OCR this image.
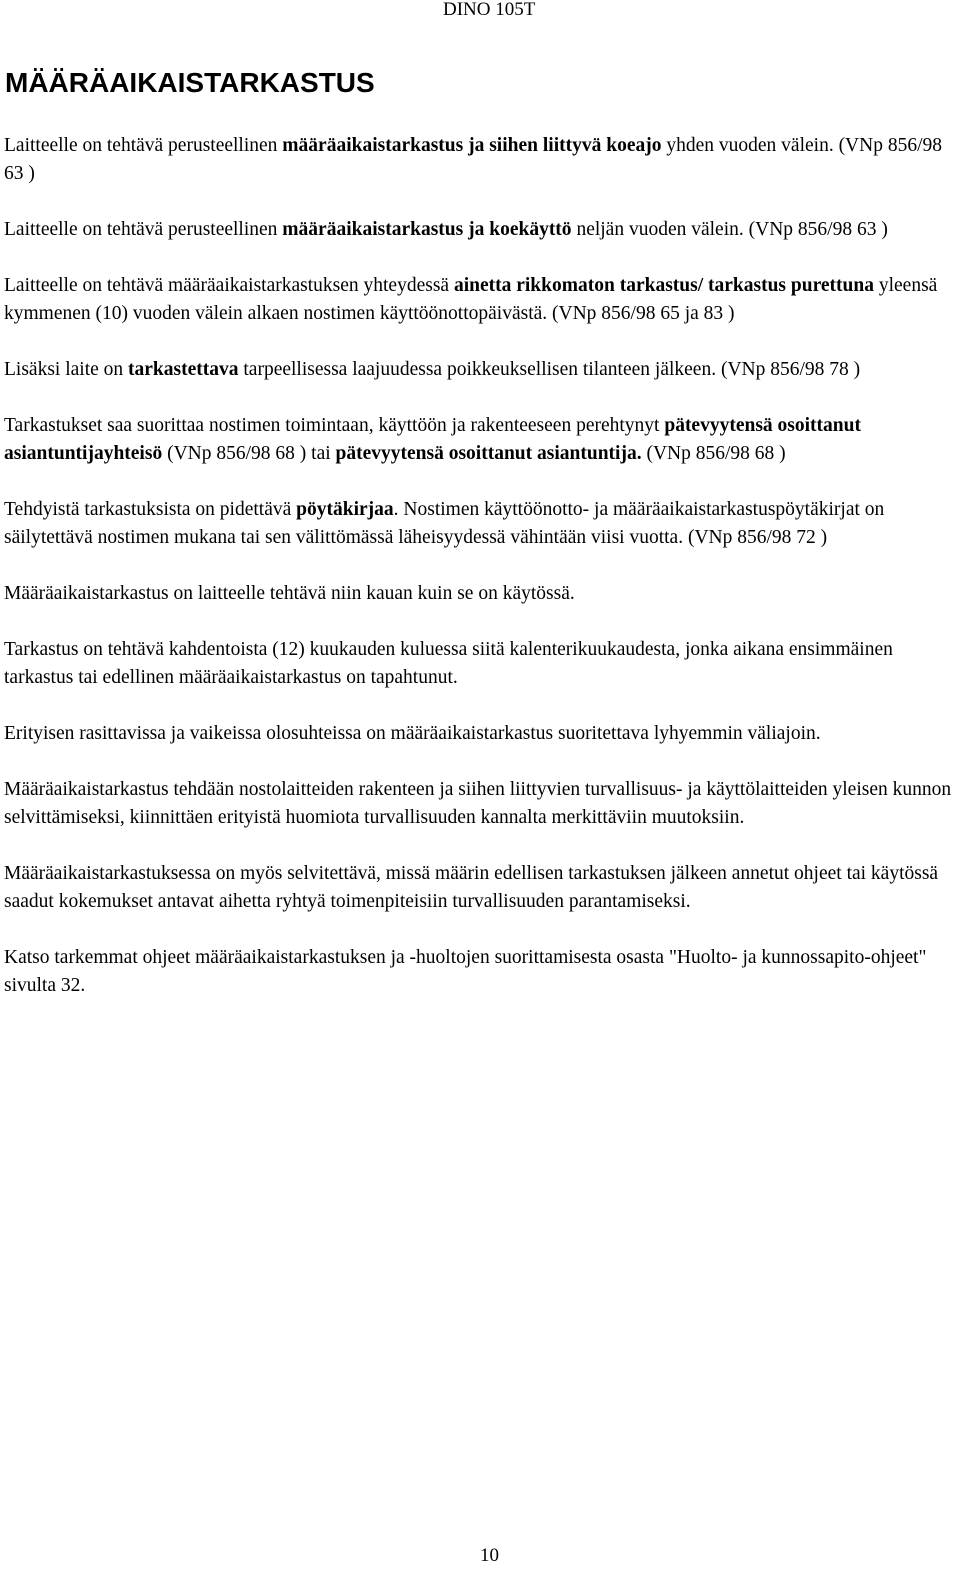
DINO 105T
MÄÄRÄAIKAISTARKASTUS

Laitteelle on tehtävä perusteellinen määräaikaistarkastus ja siihen liittyvä koeajo yhden vuoden välein. (VNp 856/98 63 )

Laitteelle on tehtävä perusteellinen määräaikaistarkastus ja koekäyttö neljän vuoden välein. (VNp 856/98 63 )

Laitteelle on tehtävä määräaikaistarkastuksen yhteydessä ainetta rikkomaton tarkastus/ tarkastus purettuna yleensä kymmenen (10) vuoden välein alkaen nostimen käyttöönottopäivästä. (VNp 856/98 65 ja 83 )

Lisäksi laite on tarkastettava tarpeellisessa laajuudessa poikkeuksellisen tilanteen jälkeen. (VNp 856/98 78 )

Tarkastukset saa suorittaa nostimen toimintaan, käyttöön ja rakenteeseen perehtynyt pätevyytensä osoittanut asiantuntijayhteisö (VNp 856/98 68 ) tai pätevyytensä osoittanut asiantuntija. (VNp 856/98 68 )

Tehdyistä tarkastuksista on pidettävä pöytäkirjaa. Nostimen käyttöönotto- ja määräaikaistarkastuspöytäkirjat on säilytettävä nostimen mukana tai sen välittömässä läheisyydessä vähintään viisi vuotta. (VNp 856/98 72 )

Määräaikaistarkastus on laitteelle tehtävä niin kauan kuin se on käytössä.

Tarkastus on tehtävä kahdentoista (12) kuukauden kuluessa siitä kalenterikuukaudesta, jonka aikana ensimmäinen tarkastus tai edellinen määräaikaistarkastus on tapahtunut.

Erityisen rasittavissa ja vaikeissa olosuhteissa on määräaikaistarkastus suoritettava lyhyemmin väliajoin.

Määräaikaistarkastus tehdään nostolaitteiden rakenteen ja siihen liittyvien turvallisuus- ja käyttölaitteiden yleisen kunnon selvittämiseksi, kiinnittäen erityistä huomiota turvallisuuden kannalta merkittäviin muutoksiin.

Määräaikaistarkastuksessa on myös selvitettävä, missä määrin edellisen tarkastuksen jälkeen annetut ohjeet tai käytössä saadut kokemukset antavat aihetta ryhtyä toimenpiteisiin turvallisuuden parantamiseksi.

Katso tarkemmat ohjeet määräaikaistarkastuksen ja -huoltojen suorittamisesta osasta "Huolto- ja kunnossapito-ohjeet" sivulta 32.

10
